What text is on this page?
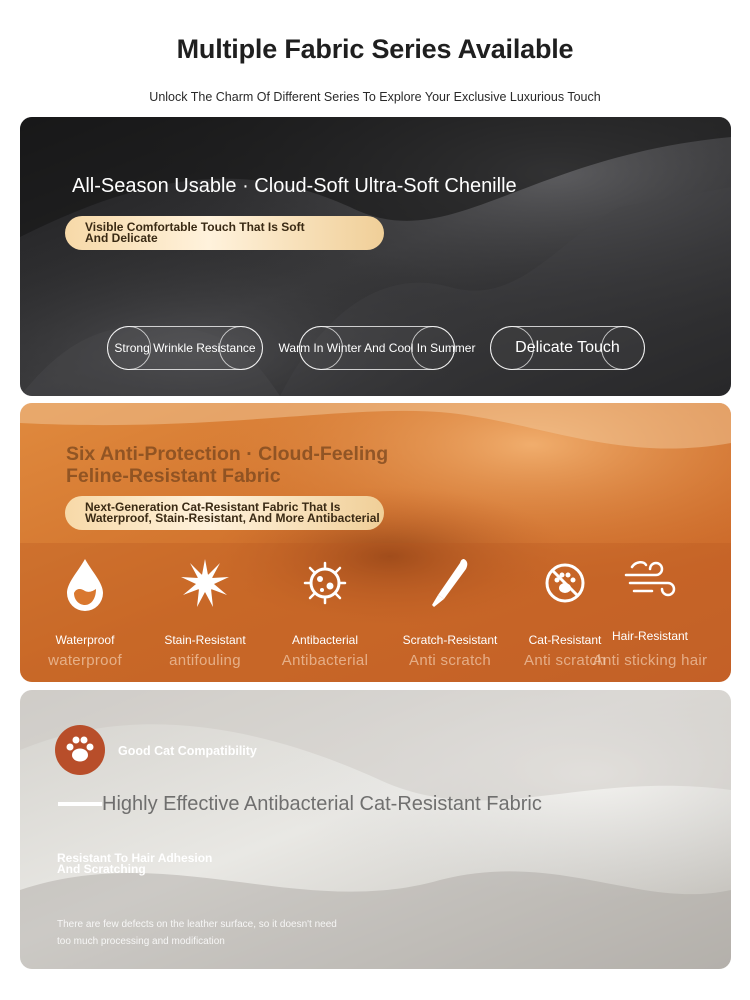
Multiple Fabric Series Available
Unlock The Charm Of Different Series To Explore Your Exclusive Luxurious Touch
All-Season Usable · Cloud-Soft Ultra-Soft Chenille
Visible Comfortable Touch That Is Soft
And Delicate
Strong Wrinkle Resistance Warm In Winter And Cool In Summer Delicate Touch
Six Anti-Protection · Cloud-Feeling
Feline-Resistant Fabric
Next-Generation Cat-Resistant Fabric That Is
Waterproof, Stain-Resistant, And More Antibacterial
Waterproof
waterproof
Stain-Resistant
antifouling
Antibacterial
Antibacterial
Scratch-Resistant
Anti scratch
Cat-Resistant
Anti scratch
Hair-Resistant
Anti sticking hair
Good Cat Compatibility
Highly Effective Antibacterial Cat-Resistant Fabric
Resistant To Hair Adhesion
And Scratching
There are few defects on the leather surface, so it doesn't need
too much processing and modification
